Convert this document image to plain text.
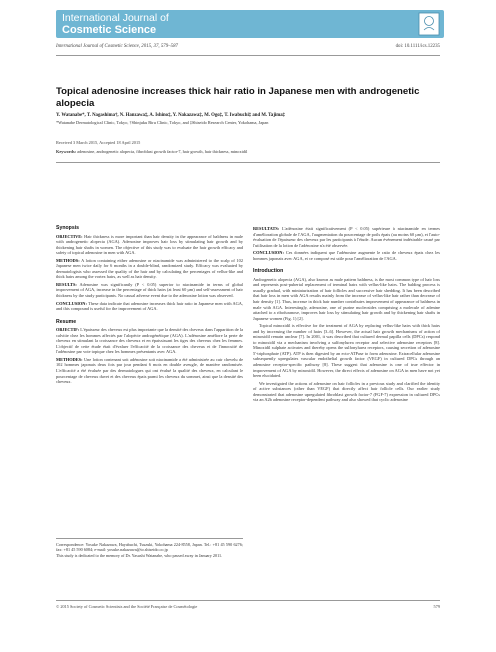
International Journal of
Cosmetic Science
International Journal of Cosmetic Science, 2015, 37, 579–587	doi: 10.1111/ics.12235
Topical adenosine increases thick hair ratio in Japanese men with androgenetic alopecia
Y. Watanabe*, T. Nagashima†, N. Hanzawa‡, A. Ishino‡, Y. Nakazawa‡, M. Ogo‡, T. Iwabuchi‡ and M. Tajima‡
*Watanabe Dermatological Clinic, Tokyo, †Shinjuku Biru Clinic, Tokyo, and ‡Shiseido Research Center, Yokohama, Japan
Received 3 March 2015, Accepted 18 April 2015
Keywords: adenosine, androgenetic alopecia, fibroblast growth factor-7, hair growth, hair thickness, minoxidil
Synopsis

OBJECTIVE: Hair thickness is more important than hair density in the appearance of baldness in male with androgenetic alopecia (AGA). Adenosine improves hair loss by stimulating hair growth and by thickening hair shafts in women. The objective of this study was to evaluate the hair growth efficacy and safety of topical adenosine in men with AGA.

METHODS: A lotion containing either adenosine or niacinamide was administered to the scalp of 102 Japanese men twice daily for 6 months in a double-blind, randomized study. Efficacy was evaluated by dermatologists who assessed the quality of the hair and by calculating the percentages of vellus-like and thick hairs among the vortex hairs, as well as hair density.

RESULTS: Adenosine was significantly (P < 0.05) superior to niacinamide in terms of global improvement of AGA, increase in the percentage of thick hairs (at least 60 µm) and self-assessment of hair thickness by the study participants. No causal adverse event due to the adenosine lotion was observed.

CONCLUSION: These data indicate that adenosine increases thick hair ratio in Japanese men with AGA, and this compound is useful for the improvement of AGA.

Resume

OBJECTIF: L'épaisseur des cheveux est plus importante que la densité des cheveux dans l'apparition de la calvitie chez les hommes affectés par l'alopécie androgénétique (AGA). L'adénosine améliore la perte de cheveux en stimulant la croissance des cheveux et en épaississant les tiges des cheveux chez les femmes. L'objectif de cette étude était d'évaluer l'efficacité de la croissance des cheveux et de l'innocuité de l'adénosine par voie topique chez les hommes présentants avec AGA.

METHODES: Une lotion contenant soit adénosine soit niacinamide a été administrée au cuir chevelu de 102 hommes japonais deux fois par jour pendant 6 mois en double aveugle, de manière randomisée. L'efficacité a été évaluée par des dermatologues qui ont évalué la qualité des cheveux, en calculant le pourcentage de cheveux duvet et des cheveux épais parmi les cheveux du sommet, ainsi que la densité des cheveux.

RESULTATS: L'adénosine était significativement (P < 0.05) supérieure à niacinamide en termes d'amélioration globale de l'AGA, l'augmentation du pourcentage de poils épais (au moins 60 µm), et l'auto-évaluation de l'épaisseur des cheveux par les participants à l'étude. Aucun événement indésirable causé par l'utilisation de la lotion de l'adénosine n'a été observée.

CONCLUSION: Ces données indiquent que l'adénosine augmente le ratio de cheveux épais chez les hommes japonais avec AGA, et ce composé est utile pour l'amélioration de l'AGA.

Introduction

Androgenetic alopecia (AGA), also known as male pattern baldness, is the most common type of hair loss and represents post-pubertal replacement of terminal hairs with vellus-like hairs. The balding process is usually gradual, with miniaturization of hair follicles and successive hair shedding. It has been described that hair loss in men with AGA results mainly from the increase of vellus-like hair rather than decrease of hair density [1]. Thus, increase in thick hair number contributes improvement of appearance of baldness in male with AGA. Interestingly, adenosine, one of purine nucleosides comprising a molecule of adenine attached to a ribofuranose, improves hair loss by stimulating hair growth and by thickening hair shafts in Japanese women (Fig. 1) [2].

Topical minoxidil is effective for the treatment of AGA by replacing vellus-like hairs with thick hairs and by increasing the number of hairs [3–6]. However, the actual hair growth mechanisms of action of minoxidil remain unclear [7]. In 2001, it was described that cultured dermal papilla cells (DPCs) respond to minoxidil via a mechanism involving a sulfonylurea receptor and selective adenosine receptors [8]. Minoxidil sulphate activates and thereby opens the sulfonylurea receptors, causing secretion of adenosine 5'-triphosphate (ATP). ATP is then digested by an ecto-ATPase to form adenosine. Extracellular adenosine subsequently upregulates vascular endothelial growth factor (VEGF) in cultured DPCs through an adenosine receptor-specific pathway [8]. These suggest that adenosine is one of true effector in improvement of AGA by minoxidil. However, the direct effects of adenosine on AGA in men have not yet been elucidated.

We investigated the actions of adenosine on hair follicles in a previous study and clarified the identity of active substances (other than VEGF) that directly affect hair follicle cells. Our earlier study demonstrated that adenosine upregulated fibroblast growth factor-7 (FGF-7) expression in cultured DPCs via an A2b adenosine receptor-dependent pathway and also showed that cyclic adenosine

Correspondence: Yosuke Nakazawa, Hayabuchi, Tsuzuki, Yokohama 224-8558, Japan. Tel.: +81 45 590 6276; fax: +81 45 590 6084; e-mail: yosuke.nakazawa@to.shiseido.co.jp
This study is dedicated to the memory of Dr. Yasushi Watanabe, who passed away in January 2011.
© 2015 Society of Cosmetic Scientists and the Société Française de Cosmétologie	579
